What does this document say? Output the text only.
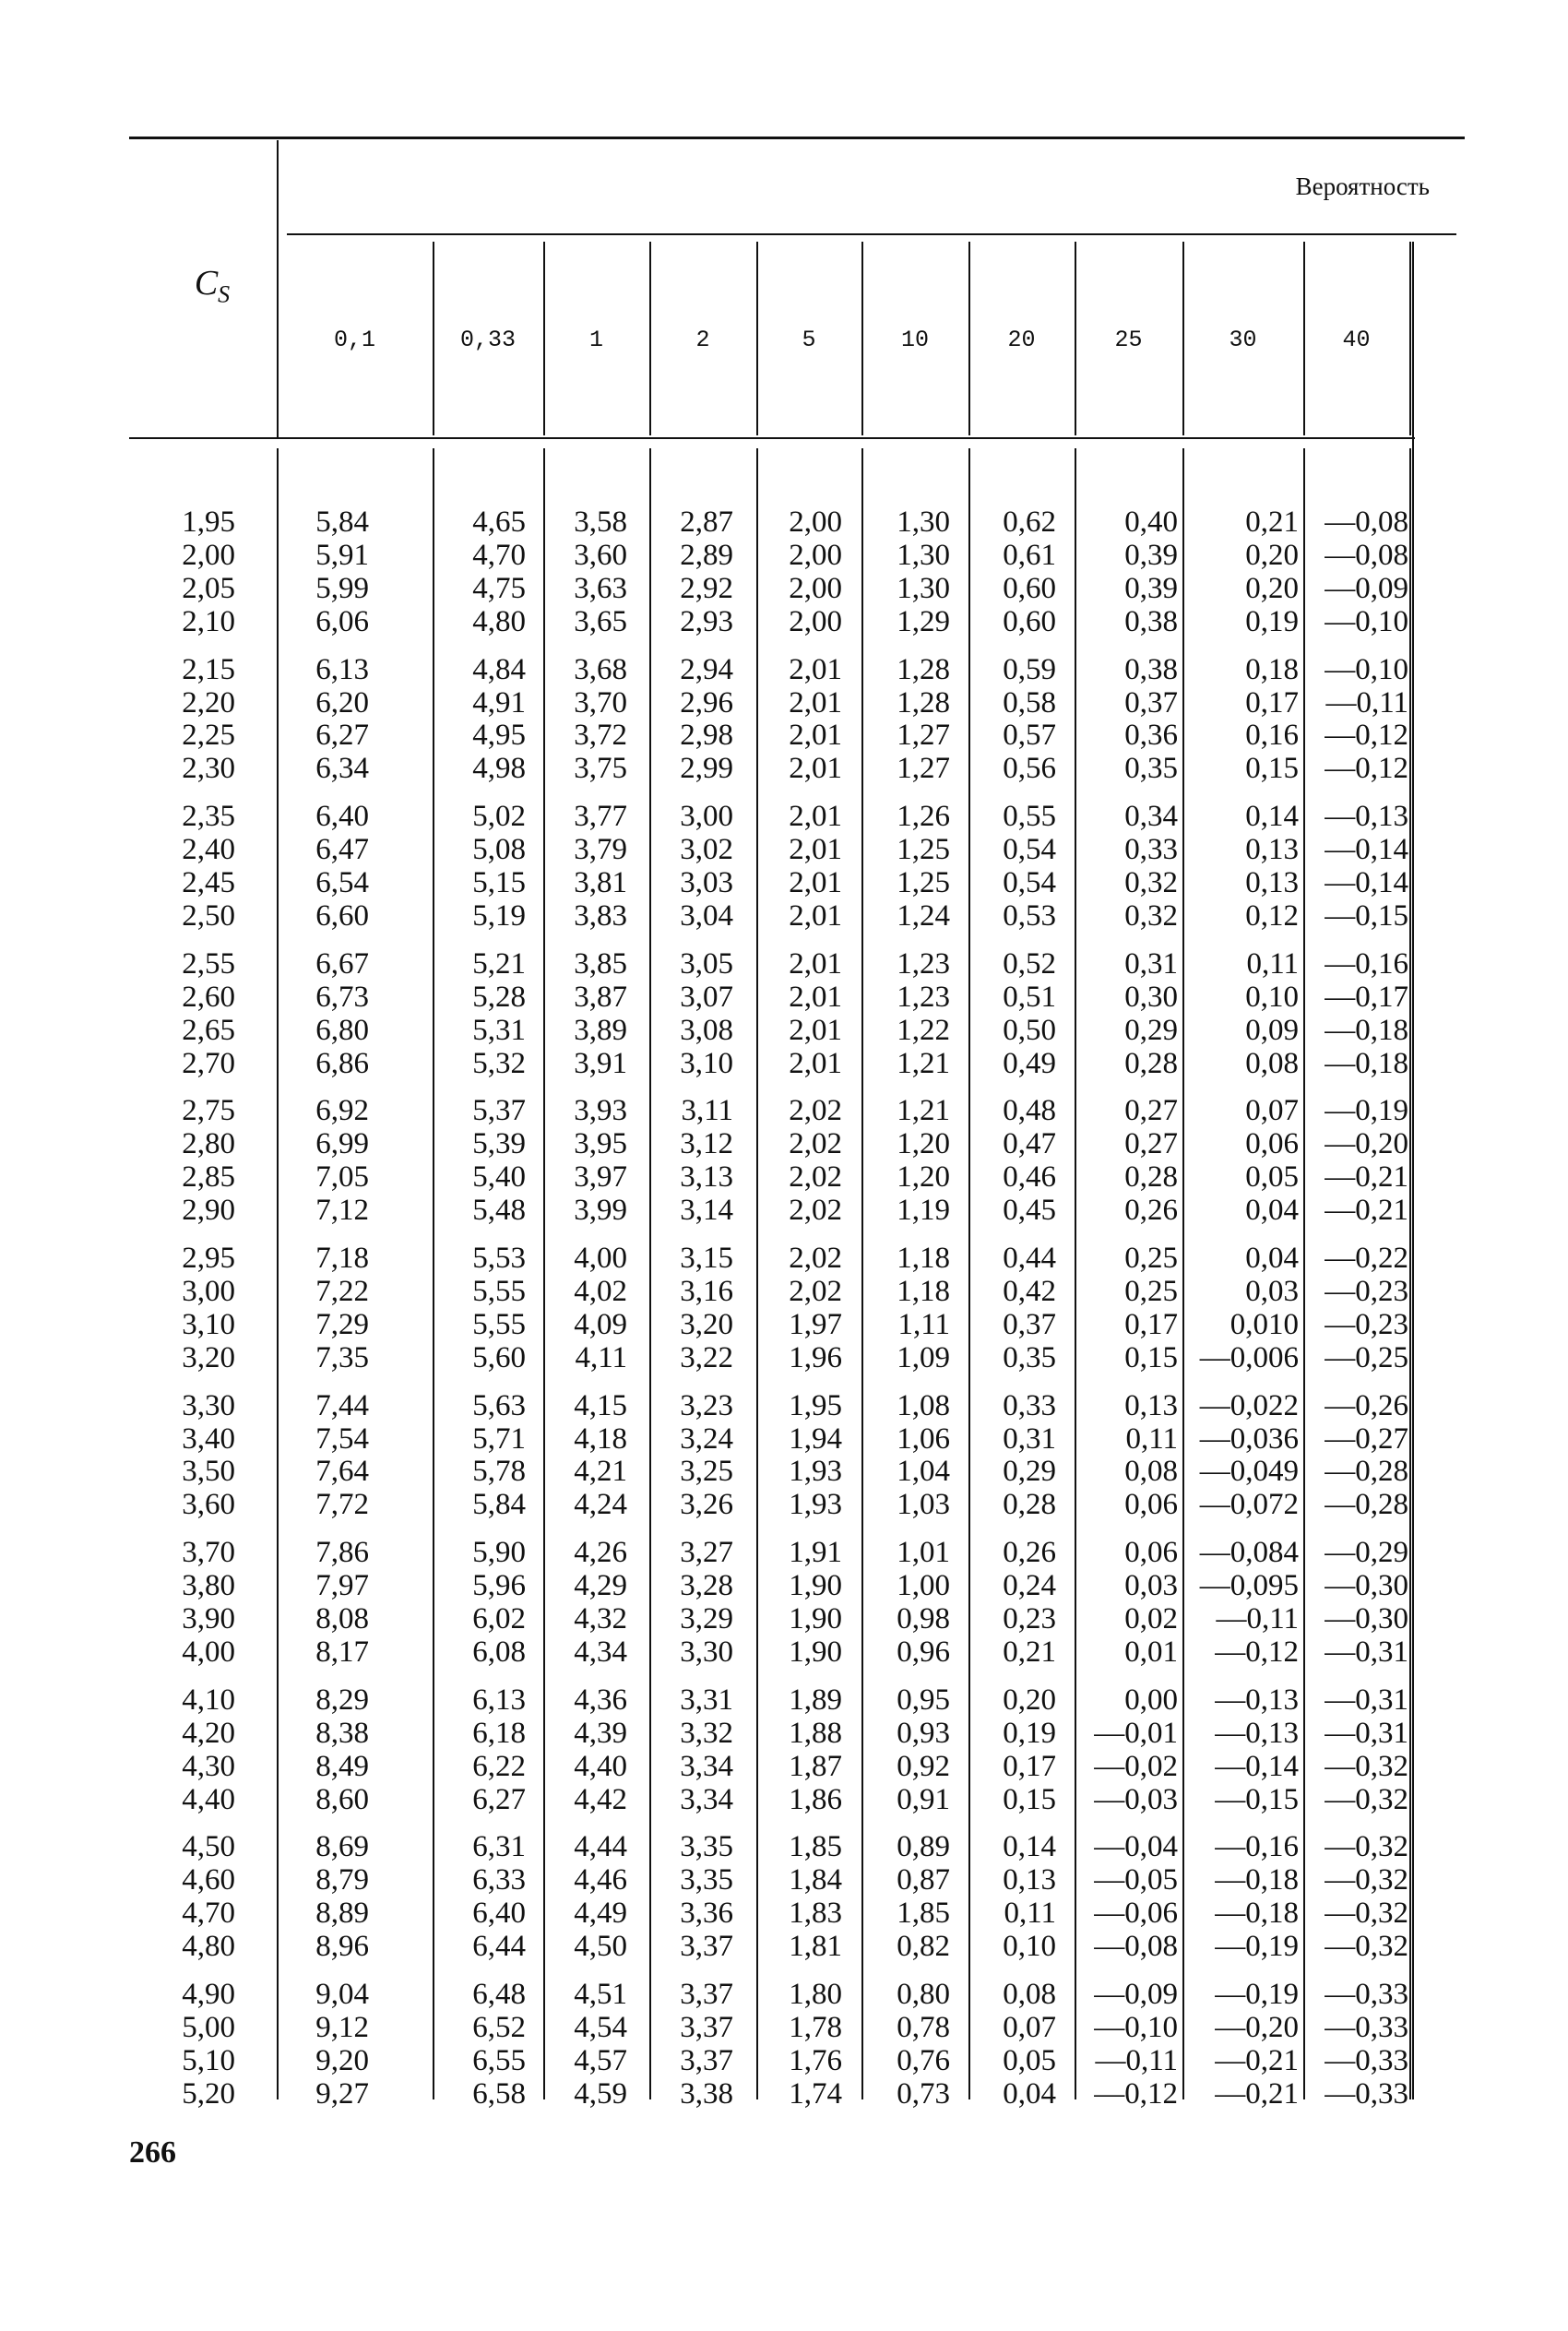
$C_S$
Вероятность
0,1	0,33	1	2	5	10	20	25	30	40
1,95	5,84	4,65 3,58 2,87 2,00 1,30 0,62 0,40 0,21 —0,08
2,00	5,91	4,70 3,60 2,89 2,00 1,30 0,61 0,39 0,20 —0,08
2,05	5,99	4,75 3,63 2,92 2,00 1,30 0,60 0,39 0,20 —0,09
2,10	6,06	4,80 3,65 2,93 2,00 1,29 0,60 0,38 0,19 —0,10
2,15	6,13	4,84 3,68 2,94 2,01 1,28 0,59 0,38 0,18 —0,10
2,20	6,20	4,91 3,70 2,96 2,01 1,28 0,58 0,37 0,17 —0,11
2,25	6,27	4,95 3,72 2,98 2,01 1,27 0,57 0,36 0,16 —0,12
2,30	6,34	4,98 3,75 2,99 2,01 1,27 0,56 0,35 0,15 —0,12
2,35	6,40	5,02 3,77 3,00 2,01 1,26 0,55 0,34 0,14 —0,13
2,40	6,47	5,08 3,79 3,02 2,01 1,25 0,54 0,33 0,13 —0,14
2,45	6,54	5,15 3,81 3,03 2,01 1,25 0,54 0,32 0,13 —0,14
2,50	6,60	5,19 3,83 3,04 2,01 1,24 0,53 0,32 0,12 —0,15
2,55	6,67	5,21 3,85 3,05 2,01 1,23 0,52 0,31 0,11 —0,16
2,60	6,73	5,28 3,87 3,07 2,01 1,23 0,51 0,30 0,10 —0,17
2,65	6,80	5,31 3,89 3,08 2,01 1,22 0,50 0,29 0,09 —0,18
2,70	6,86	5,32 3,91 3,10 2,01 1,21 0,49 0,28 0,08 —0,18
2,75	6,92	5,37 3,93 3,11 2,02 1,21 0,48 0,27 0,07 —0,19
2,80	6,99	5,39 3,95 3,12 2,02 1,20 0,47 0,27 0,06 —0,20
2,85	7,05	5,40 3,97 3,13 2,02 1,20 0,46 0,28 0,05 —0,21
2,90	7,12	5,48 3,99 3,14 2,02 1,19 0,45 0,26 0,04 —0,21
2,95	7,18	5,53 4,00 3,15 2,02 1,18 0,44 0,25 0,04 —0,22
3,00	7,22	5,55 4,02 3,16 2,02 1,18 0,42 0,25 0,03 —0,23
3,10	7,29	5,55 4,09 3,20 1,97 1,11 0,37 0,17 0,010 —0,23
3,20	7,35	5,60 4,11 3,22 1,96 1,09 0,35 0,15 —0,006 —0,25
3,30	7,44	5,63 4,15 3,23 1,95 1,08 0,33 0,13 —0,022 —0,26
3,40	7,54	5,71 4,18 3,24 1,94 1,06 0,31 0,11 —0,036 —0,27
3,50	7,64	5,78 4,21 3,25 1,93 1,04 0,29 0,08 —0,049 —0,28
3,60	7,72	5,84 4,24 3,26 1,93 1,03 0,28 0,06 —0,072 —0,28
3,70	7,86	5,90 4,26 3,27 1,91 1,01 0,26 0,06 —0,084 —0,29
3,80	7,97	5,96 4,29 3,28 1,90 1,00 0,24 0,03 —0,095 —0,30
3,90	8,08	6,02 4,32 3,29 1,90 0,98 0,23 0,02 —0,11 —0,30
4,00	8,17	6,08 4,34 3,30 1,90 0,96 0,21 0,01 —0,12 —0,31
4,10	8,29	6,13 4,36 3,31 1,89 0,95 0,20 0,00 —0,13 —0,31
4,20	8,38	6,18 4,39 3,32 1,88 0,93 0,19 —0,01 —0,13 —0,31
4,30	8,49	6,22 4,40 3,34 1,87 0,92 0,17 —0,02 —0,14 —0,32
4,40	8,60	6,27 4,42 3,34 1,86 0,91 0,15 —0,03 —0,15 —0,32
4,50	8,69	6,31 4,44 3,35 1,85 0,89 0,14 —0,04 —0,16 —0,32
4,60	8,79	6,33 4,46 3,35 1,84 0,87 0,13 —0,05 —0,18 —0,32
4,70	8,89	6,40 4,49 3,36 1,83 1,85 0,11 —0,06 —0,18 —0,32
4,80	8,96	6,44 4,50 3,37 1,81 0,82 0,10 —0,08 —0,19 —0,32
4,90	9,04	6,48 4,51 3,37 1,80 0,80 0,08 —0,09 —0,19 —0,33
5,00	9,12	6,52 4,54 3,37 1,78 0,78 0,07 —0,10 —0,20 —0,33
5,10	9,20	6,55 4,57 3,37 1,76 0,76 0,05 —0,11 —0,21 —0,33
5,20	9,27	6,58 4,59 3,38 1,74 0,73 0,04 —0,12 —0,21 —0,33
266
